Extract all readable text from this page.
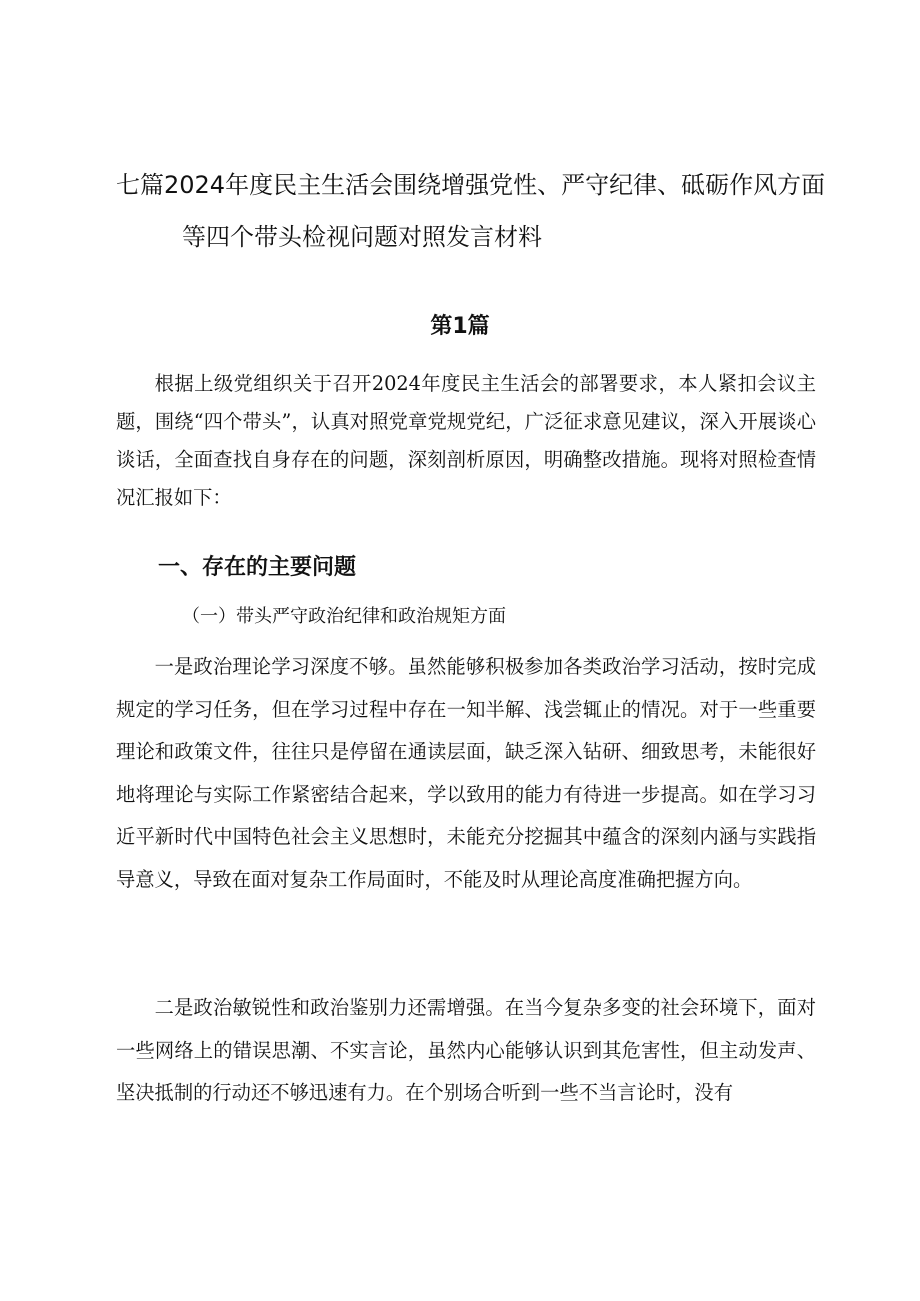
七篇2024年度民主生活会围绕增强党性、严守纪律、砥砺作风方面
等四个带头检视问题对照发言材料
第1篇

根据上级党组织关于召开2024年度民主生活会的部署要求，本人紧扣会议主题，围绕“四个带头”，认真对照党章党规党纪，广泛征求意见建议，深入开展谈心谈话，全面查找自身存在的问题，深刻剖析原因，明确整改措施。现将对照检查情况汇报如下：

一、存在的主要问题
（一）带头严守政治纪律和政治规矩方面

一是政治理论学习深度不够。虽然能够积极参加各类政治学习活动，按时完成规定的学习任务，但在学习过程中存在一知半解、浅尝辄止的情况。对于一些重要理论和政策文件，往往只是停留在通读层面，缺乏深入钻研、细致思考，未能很好地将理论与实际工作紧密结合起来，学以致用的能力有待进一步提高。如在学习习近平新时代中国特色社会主义思想时，未能充分挖掘其中蕴含的深刻内涵与实践指导意义，导致在面对复杂工作局面时，不能及时从理论高度准确把握方向。

二是政治敏锐性和政治鉴别力还需增强。在当今复杂多变的社会环境下，面对一些网络上的错误思潮、不实言论，虽然内心能够认识到其危害性，但主动发声、坚决抵制的行动还不够迅速有力。在个别场合听到一些不当言论时，没有
